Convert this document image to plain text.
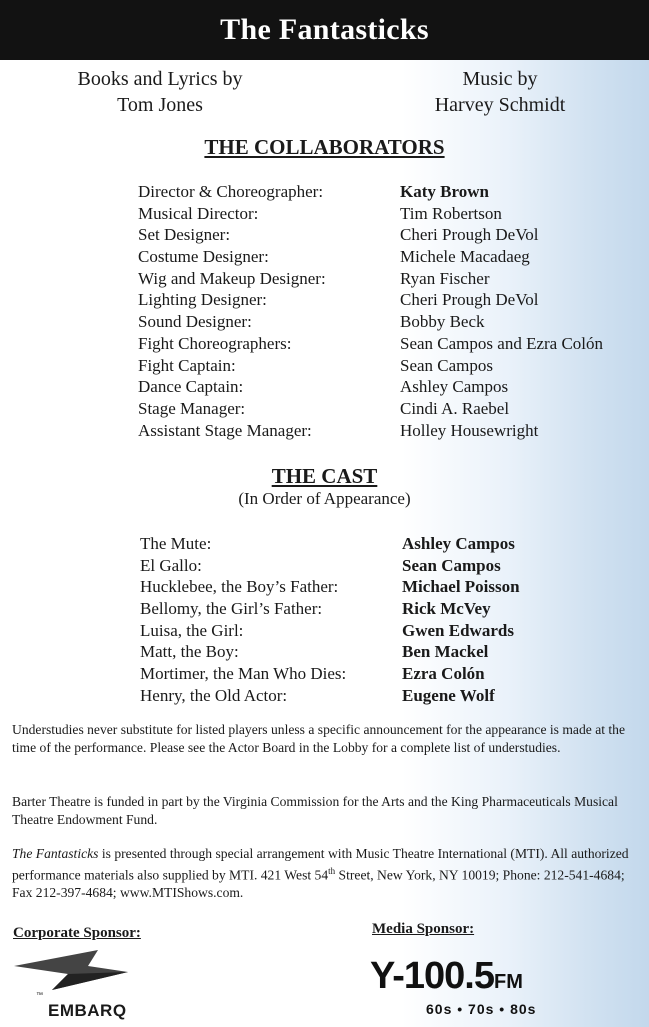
The Fantasticks
Books and Lyrics by
Tom Jones
Music by
Harvey Schmidt
THE COLLABORATORS
Director & Choreographer:	Katy Brown
Musical Director:	Tim Robertson
Set Designer:	Cheri Prough DeVol
Costume Designer:	Michele Macadaeg
Wig and Makeup Designer:	Ryan Fischer
Lighting Designer:	Cheri Prough DeVol
Sound Designer:	Bobby Beck
Fight Choreographers:	Sean Campos and Ezra Colón
Fight Captain:	Sean Campos
Dance Captain:	Ashley Campos
Stage Manager:	Cindi A. Raebel
Assistant Stage Manager:	Holley Housewright
THE CAST
(In Order of Appearance)
The Mute:	Ashley Campos
El Gallo:	Sean Campos
Hucklebee, the Boy’s Father:	Michael Poisson
Bellomy, the Girl’s Father:	Rick McVey
Luisa, the Girl:	Gwen Edwards
Matt, the Boy:	Ben Mackel
Mortimer, the Man Who Dies:	Ezra Colón
Henry, the Old Actor:	Eugene Wolf
Understudies never substitute for listed players unless a specific announcement for the appearance is made at the time of the performance. Please see the Actor Board in the Lobby for a complete list of understudies.
Barter Theatre is funded in part by the Virginia Commission for the Arts and the King Pharmaceuticals Musical Theatre Endowment Fund.
The Fantasticks is presented through special arrangement with Music Theatre International (MTI). All authorized performance materials also supplied by MTI. 421 West 54th Street, New York, NY 10019; Phone: 212-541-4684; Fax 212-397-4684; www.MTIShows.com.
Corporate Sponsor:	Media Sponsor:
™
EMBARQ
Y-100.5FM
60s • 70s • 80s
